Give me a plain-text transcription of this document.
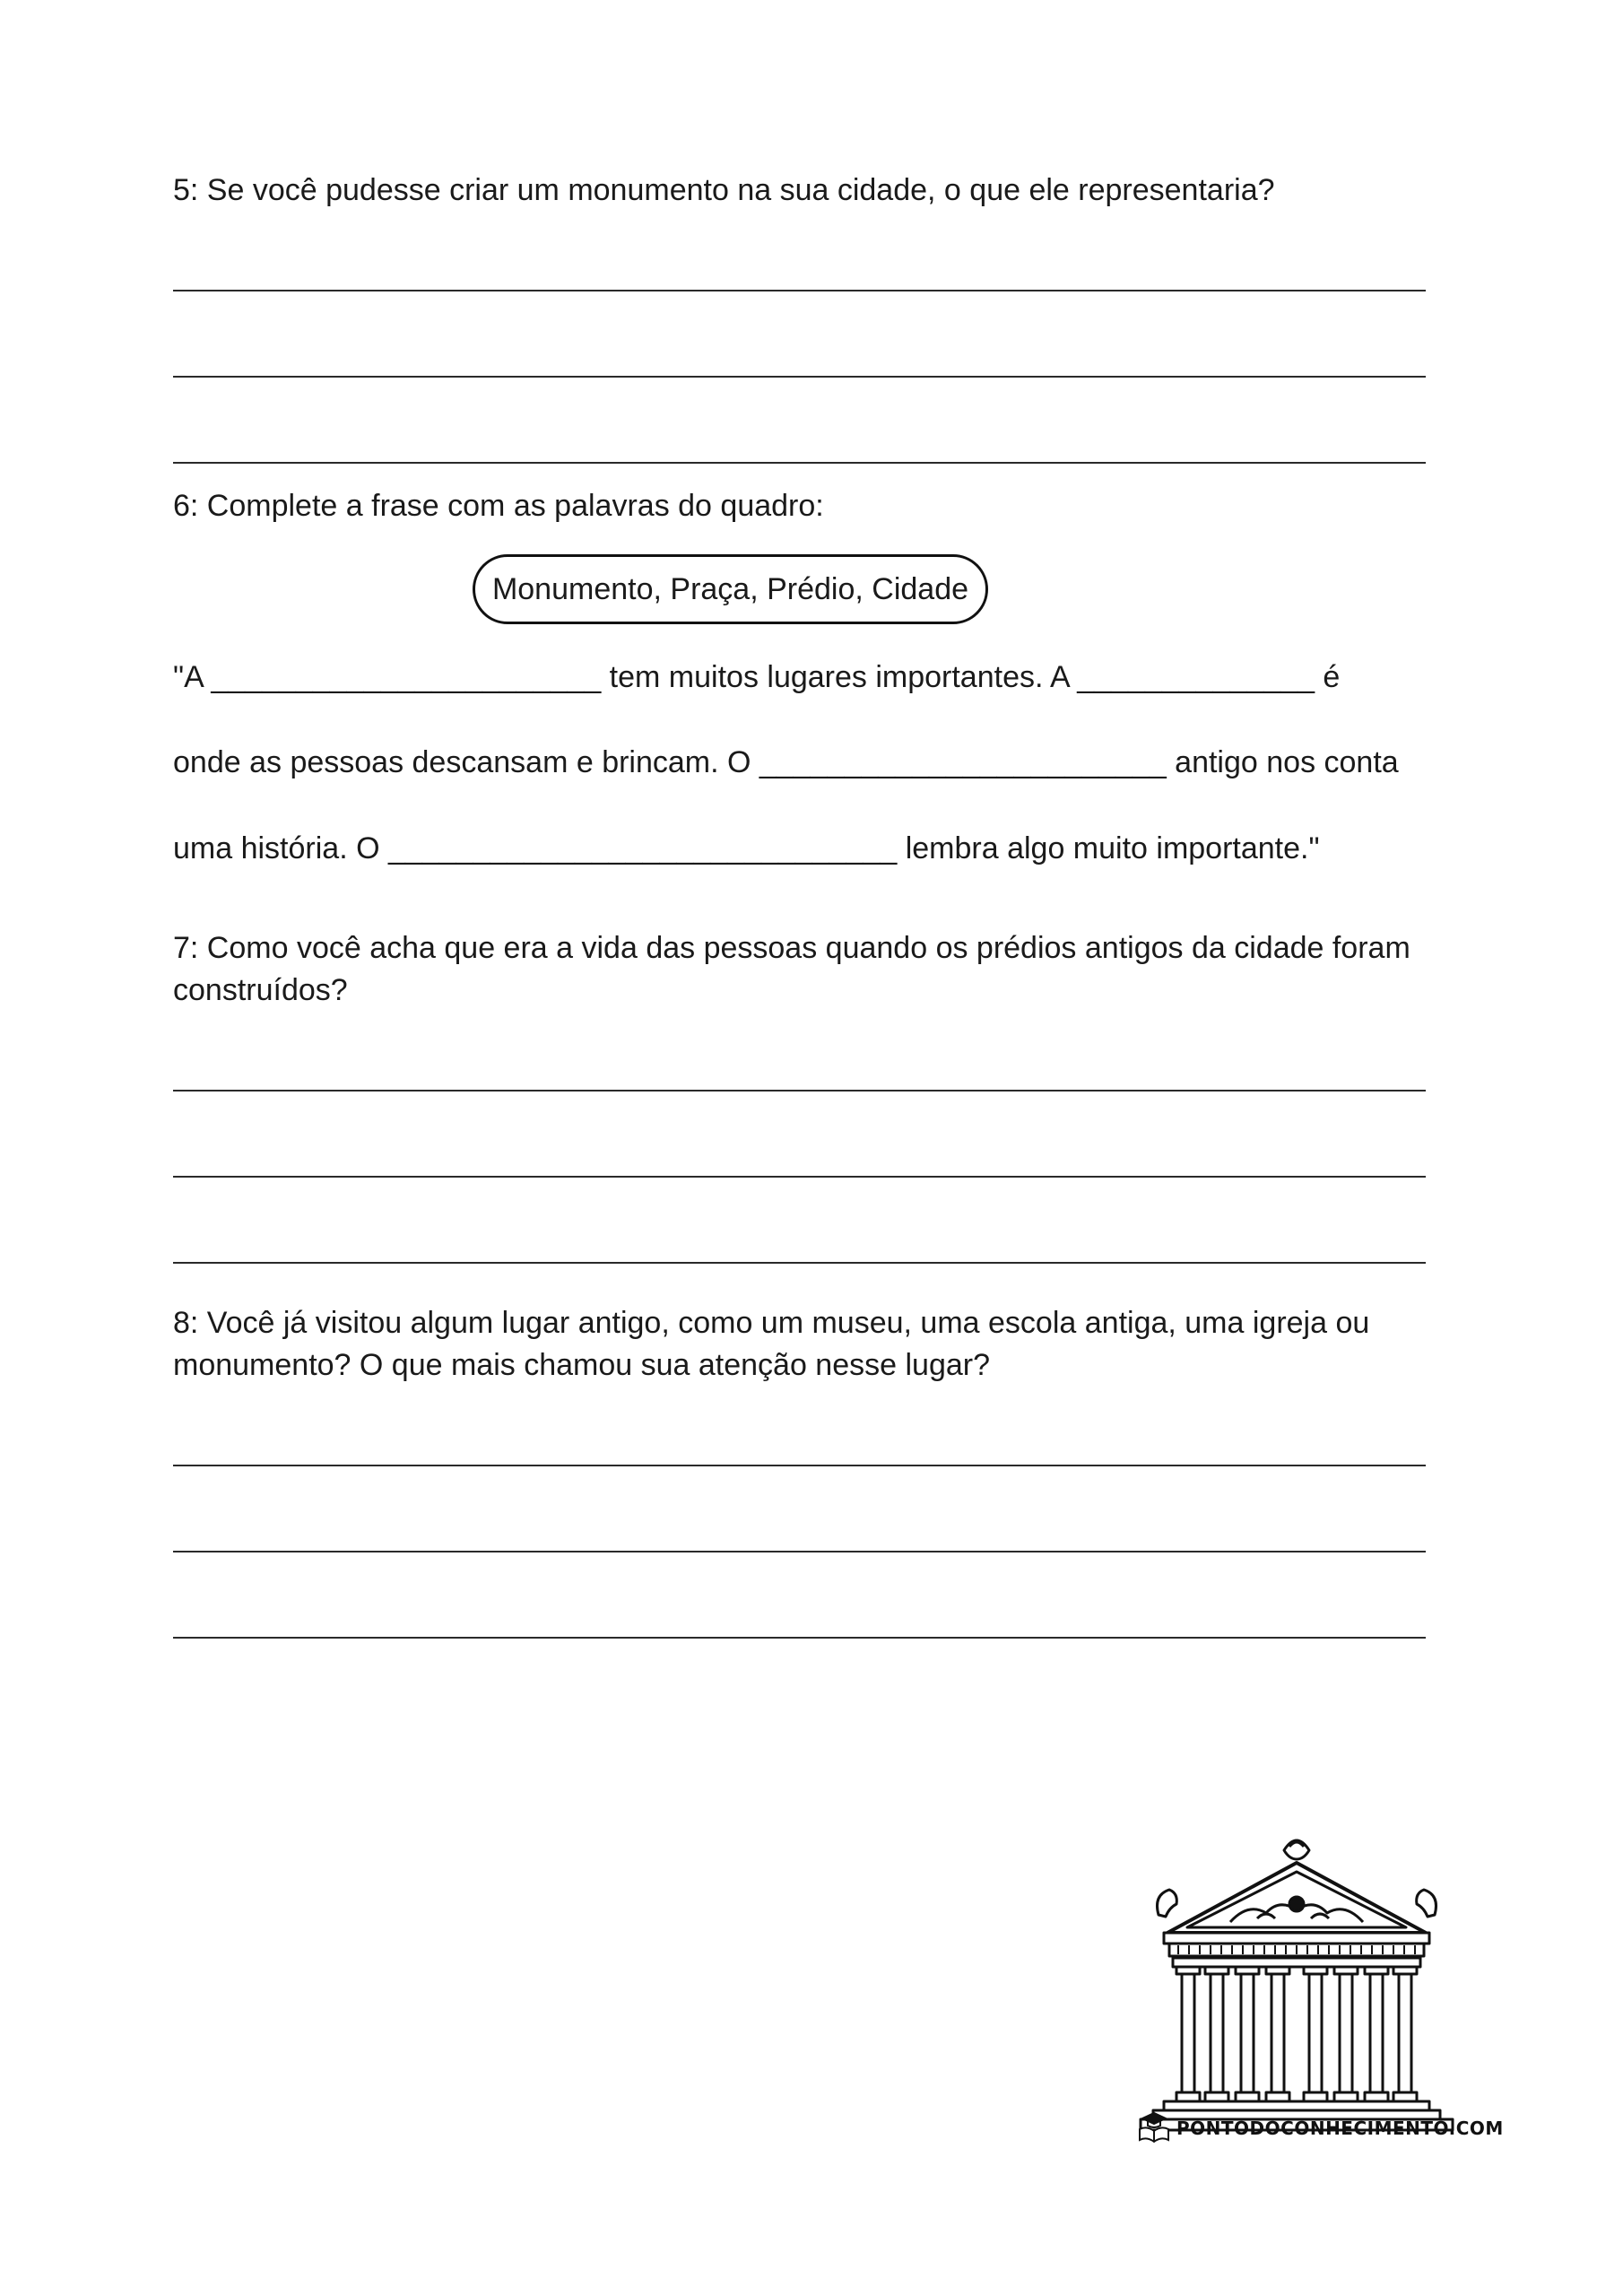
5: Se você pudesse criar um monumento na sua cidade, o que ele representaria?
6: Complete a frase com as palavras do quadro:
Monumento, Praça, Prédio, Cidade
"A _______________________ tem muitos lugares importantes. A ______________ é
onde as pessoas descansam e brincam. O ________________________ antigo nos conta
uma história. O ______________________________ lembra algo muito importante."
7: Como você acha que era a vida das pessoas quando os prédios antigos da cidade foram
construídos?
8: Você já visitou algum lugar antigo, como um museu, uma escola antiga, uma igreja ou
monumento? O que mais chamou sua atenção nesse lugar?
PONTODOCONHECIMENTO.COM
